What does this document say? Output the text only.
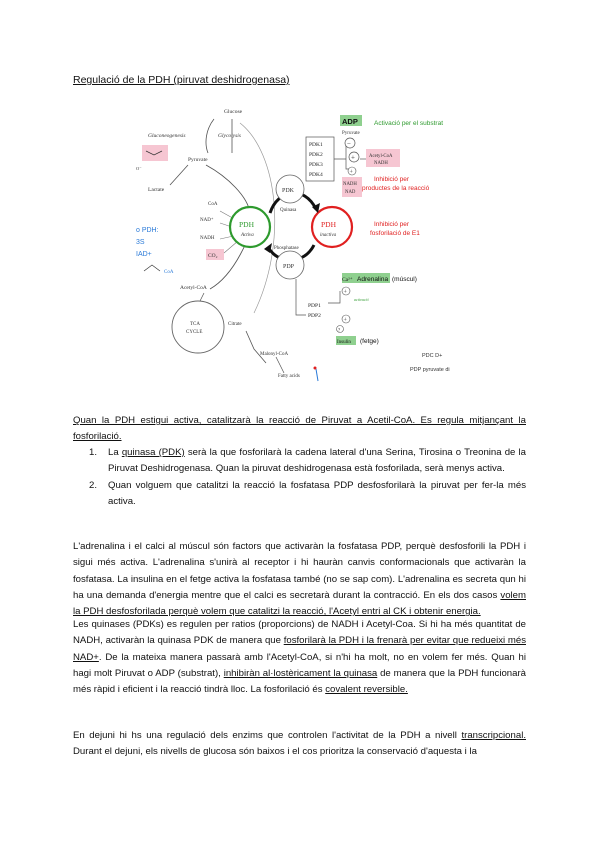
Regulació de la PDH (piruvat deshidrogenasa)
Glucose
Gluconeogenesis	Glycolysis
Pyruvate
Lactate
O⁻
CoA
NAD⁺
NADH
CO₂
CoA
Acetyl-CoA
TCA
CYCLE
Citrate
Malonyl-CoA
Fatty acids
o PDH:
3S
IAD+
PDH
Activa
PDH
inactiva
PDK
Quinasa
PDP
Phosphatase
PDK1
PDK2
PDK3
PDK4
ADP
Pyruvate
−
+
Activació per el substrat
Acetyl-CoA
NADH
NADH
NAD
+
Inhibició per
productes de la reacció
Inhibició per
fosforilació de E1
Ca²⁺ Adrenalina (múscul)
+
activació
PDP1
PDP2
+
?
Insulin (fetge)
PDC D+
PDP pyruvate di
Quan la PDH estigui activa, catalitzarà la reacció de Piruvat a Acetil-CoA. Es regula mitjançant la fosforilació.
1. La quinasa (PDK) serà la que fosforilarà la cadena lateral d'una Serina, Tirosina o Treonina de la Piruvat Deshidrogenasa. Quan la piruvat deshidrogenasa està fosforilada, serà menys activa.
2. Quan volguem que catalitzi la reacció la fosfatasa PDP desfosforilarà la piruvat per fer-la més activa.
L'adrenalina i el calci al múscul són factors que activaràn la fosfatasa PDP, perquè desfosforili la PDH i sigui més activa. L'adrenalina s'unirà al receptor i hi hauràn canvis conformacionals que activaràn la fosfatasa. La insulina en el fetge activa la fosfatasa també (no se sap com). L'adrenalina es secreta qun hi ha una demanda d'energia mentre que el calci es secretarà durant la contracció. En els dos casos volem la PDH desfosforilada perquè volem que catalitzi la reacció, l'Acetyl entri al CK i obtenir energia.
Les quinases (PDKs) es regulen per ratios (proporcions) de NADH i Acetyl-Coa. Si hi ha més quantitat de NADH, activaràn la quinasa PDK de manera que fosforilarà la PDH i la frenarà per evitar que redueixi més NAD+. De la mateixa manera passarà amb l'Acetyl-CoA, si n'hi ha molt, no en volem fer més. Quan hi hagi molt Piruvat o ADP (substrat), inhibiràn al·lostèricament la quinasa de manera que la PDH funcionarà més ràpid i eficient i la reacció tindrà lloc. La fosforilació és covalent reversible.
En dejuni hi hs una regulació dels enzims que controlen l'activitat de la PDH a nivell transcripcional. Durant el dejuni, els nivells de glucosa són baixos i el cos prioritza la conservació d'aquesta i la
